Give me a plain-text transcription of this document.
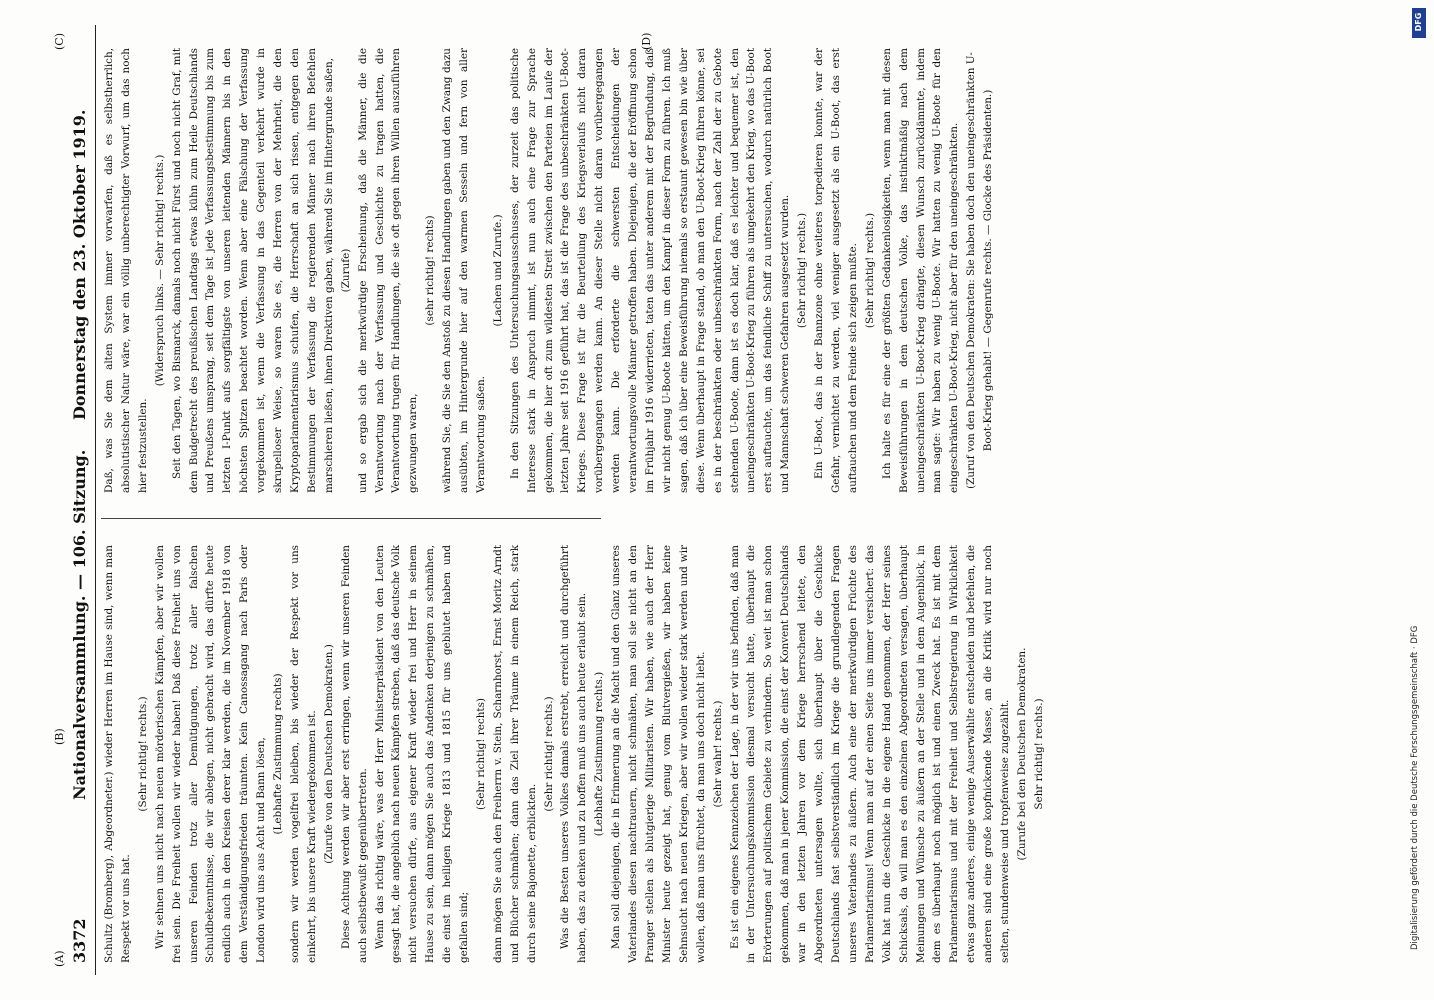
3372
Nationalversammlung. — 106. Sitzung.
Donnerstag den 23. Oktober 1919.

Schultz (Bromberg), Abgeordneter.) wieder Herren im Hause sind, wenn man Respekt vor uns hat.

(Sehr richtig! rechts.) Wir sehnen uns nicht nach neuen mörderischen Kämpfen, aber wir wollen frei sein. Die Freiheit wollen wir wieder haben! Daß diese Freiheit uns von unseren Feinden trotz aller Demütigungen, trotz aller falschen Schuldbekenntnisse, die wir ablegen, nicht gebracht wird, das dürfte heute endlich auch in den Kreisen derer klar werden, die im November 1918 von dem Verständigungsfrieden träumten. Kein Canossagang nach Paris oder London wird uns aus Acht und Bann lösen, (Lebhafte Zustimmung rechts) sondern wir werden vogelfrei bleiben, bis wieder der Respekt vor uns einkehrt, bis unsere Kraft wiedergekommen ist. (Zurufe von den Deutschen Demokraten.) Diese Achtung werden wir aber erst erringen, wenn wir unseren Feinden auch selbstbewußt gegenübertreten. Wenn das richtig wäre, was der Herr Ministerpräsident von den Leuten gesagt hat, die angeblich nach neuen Kämpfen streben, daß das deutsche Volk nicht versuchen dürfe, aus eigener Kraft wieder frei und Herr in seinem Hause zu sein, dann mögen Sie auch das Andenken derjenigen zu schmähen, die einst im heiligen Kriege 1813 und 1815 für uns geblutet haben und gefallen sind;

(Sehr richtig! rechts) dann mögen Sie auch den Freiherrn v. Stein, Scharnhorst, Ernst Moritz Arndt und Blücher schmähen; dann das Ziel ihrer Träume in einem Reich, stark durch seine Bajonette, erblickten.

(Sehr richtig! rechts.) Was die Besten unseres Volkes damals erstrebt, erreicht und durchgeführt haben, das zu denken und zu hoffen muß uns auch heute erlaubt sein. (Lebhafte Zustimmung rechts.) Man soll diejenigen, die in Erinnerung an die Macht und den Glanz unseres Vaterlandes diesen nachtrauern, nicht schmähen, man soll sie nicht an den Pranger stellen als blutgierige Militaristen. Wir haben, wie auch der Herr Minister heute gezeigt hat, genug vom Blutvergießen, wir haben keine Sehnsucht nach neuen Kriegen, aber wir wollen wieder stark werden und wir wollen, daß man uns fürchtet, da man uns doch nicht liebt. (Sehr wahr! rechts.) Es ist ein eigenes Kennzeichen der Lage, in der wir uns befinden, daß man in der Untersuchungskommission diesmal versucht hatte, überhaupt die Erörterungen auf politischem Gebiete zu verhindern. So weit ist man schon gekommen, daß man in jener Kommission, die einst der Konvent Deutschlands war in den letzten Jahren vor dem Kriege herrschend leitete, den Abgeordneten untersagen wollte, sich überhaupt über die Geschicke Deutschlands fast selbstverständlich im Kriege die grundlegenden Fragen unseres Vaterlandes zu äußern. Auch eine der merkwürdigen Früchte des Parlamentarismus! Wenn man auf der einen Seite uns immer versichert: das Volk hat nun die Geschicke in die eigene Hand genommen, der Herr seines Schicksals, da will man es den einzelnen Abgeordneten versagen, überhaupt Meinungen und Wünsche zu äußern an der Stelle und in dem Augenblick, in dem es überhaupt noch möglich ist und einen Zweck hat. Es ist mit dem Parlamentarismus und mit der Freiheit und Selbstregierung in Wirklichkeit etwas ganz anderes, einige wenige Auserwählte entscheiden und befehlen, die anderen sind eine große kopfnickende Masse, an die Kritik wird nur noch selten, stundenweise und tropfenweise zugezählt. (Zurufe bei den Deutschen Demokraten. Sehr richtig! rechts.)

Daß, was Sie dem alten System immer vorwarfen, daß es selbstherrlich, absolutistischer Natur wäre, war ein völlig unberechtigter Vorwurf, um das noch hier festzustellen.

(Widerspruch links. — Sehr richtig! rechts.) Seit den Tagen, wo Bismarck, damals noch nicht Fürst und noch nicht Graf, mit dem Budgetrecht des preußischen Landtags etwas kühn zum Heile Deutschlands und Preußens umsprang, seit dem Tage ist jede Verfassungsbestimmung bis zum letzten I-Punkt aufs sorgfältigste von unseren leitenden Männern bis in den höchsten Spitzen beachtet worden. Wenn aber eine Fälschung der Verfassung vorgekommen ist, wenn die Verfassung in das Gegenteil verkehrt wurde in skrupelloser Weise, so waren Sie es, die Herren von der Mehrheit, die den Kryptoparlamentarismus schufen, die Herrschaft an sich rissen, entgegen den Bestimmungen der Verfassung die regierenden Männer nach ihren Befehlen marschieren ließen, ihnen Direktiven gaben, während Sie im Hintergrunde saßen, (Zurufe) und so ergab sich die merkwürdige Erscheinung, daß die Männer, die die Verantwortung nach der Verfassung und Geschichte zu tragen hatten, die Verantwortung trugen für Handlungen, die sie oft gegen ihren Willen auszuführen gezwungen waren,

(sehr richtig! rechts) während Sie, die Sie den Anstoß zu diesen Handlungen gaben und den Zwang dazu ausübten, im Hintergrunde hier auf den warmen Sesseln und fern von aller Verantwortung saßen.

(Lachen und Zurufe.) In den Sitzungen des Untersuchungsausschusses, der zurzeit das politische Interesse stark in Anspruch nimmt, ist nun auch eine Frage zur Sprache gekommen, die hier oft zum wildesten Streit zwischen den Parteien im Laufe der letzten Jahre seit 1916 geführt hat, das ist die Frage des unbeschränkten U-Boot-Krieges. Diese Frage ist für die Beurteilung des Kriegsverlaufs nicht daran vorübergegangen werden kann. An dieser Stelle nicht daran vorübergegangen werden kann. Die erforderte die schwersten Entscheidungen der verantwortungsvolle Männer getroffen haben. Diejenigen, die der Eröffnung schon im Frühjahr 1916 widerrieten, taten das unter anderem mit der Begründung, daß wir nicht genug U-Boote hätten, um den Kampf in dieser Form zu führen. Ich muß sagen, daß ich über eine Beweisführung niemals so erstaunt gewesen bin wie über diese. Wenn überhaupt in Frage stand, ob man den U-Boot-Krieg führen könne, sei es in der beschränkten oder unbeschränkten Form, nach der Zahl der zu Gebote stehenden U-Boote, dann ist es doch klar, daß es leichter und bequemer ist, den uneingeschränkten U-Boot-Krieg zu führen als umgekehrt den Krieg, wo das U-Boot erst auftauchte, um das feindliche Schiff zu untersuchen, wodurch natürlich Boot und Mannschaft schweren Gefahren ausgesetzt wurden. (Sehr richtig! rechts.) Ein U-Boot, das in der Bannzone ohne weiteres torpedieren konnte, war der Gefahr, vernichtet zu werden, viel weniger ausgesetzt als ein U-Boot, das erst auftauchen und dem Feinde sich zeigen mußte. (Sehr richtig! rechts.) Ich halte es für eine der größten Gedankenlosigkeiten, wenn man mit diesen Beweisführungen in dem deutschen Volke, das instinktmäßig nach dem uneingeschränkten U-Boot-Krieg drängte, diesen Wunsch zurückdämmte, indem man sagte: Wir haben zu wenig U-Boote. Wir hatten zu wenig U-Boote für den eingeschränkten U-Boot-Krieg, nicht aber für den uneingeschränkten. (Zuruf von den Deutschen Demokraten: Sie haben doch den uneingeschränkten U-Boot-Krieg gehabt! — Gegenrufe rechts. — Glocke des Präsidenten.)

(A)
(B)
(C)	(D)
Digitalisierung gefördert durch die Deutsche Forschungsgemeinschaft · DFG
DFG
